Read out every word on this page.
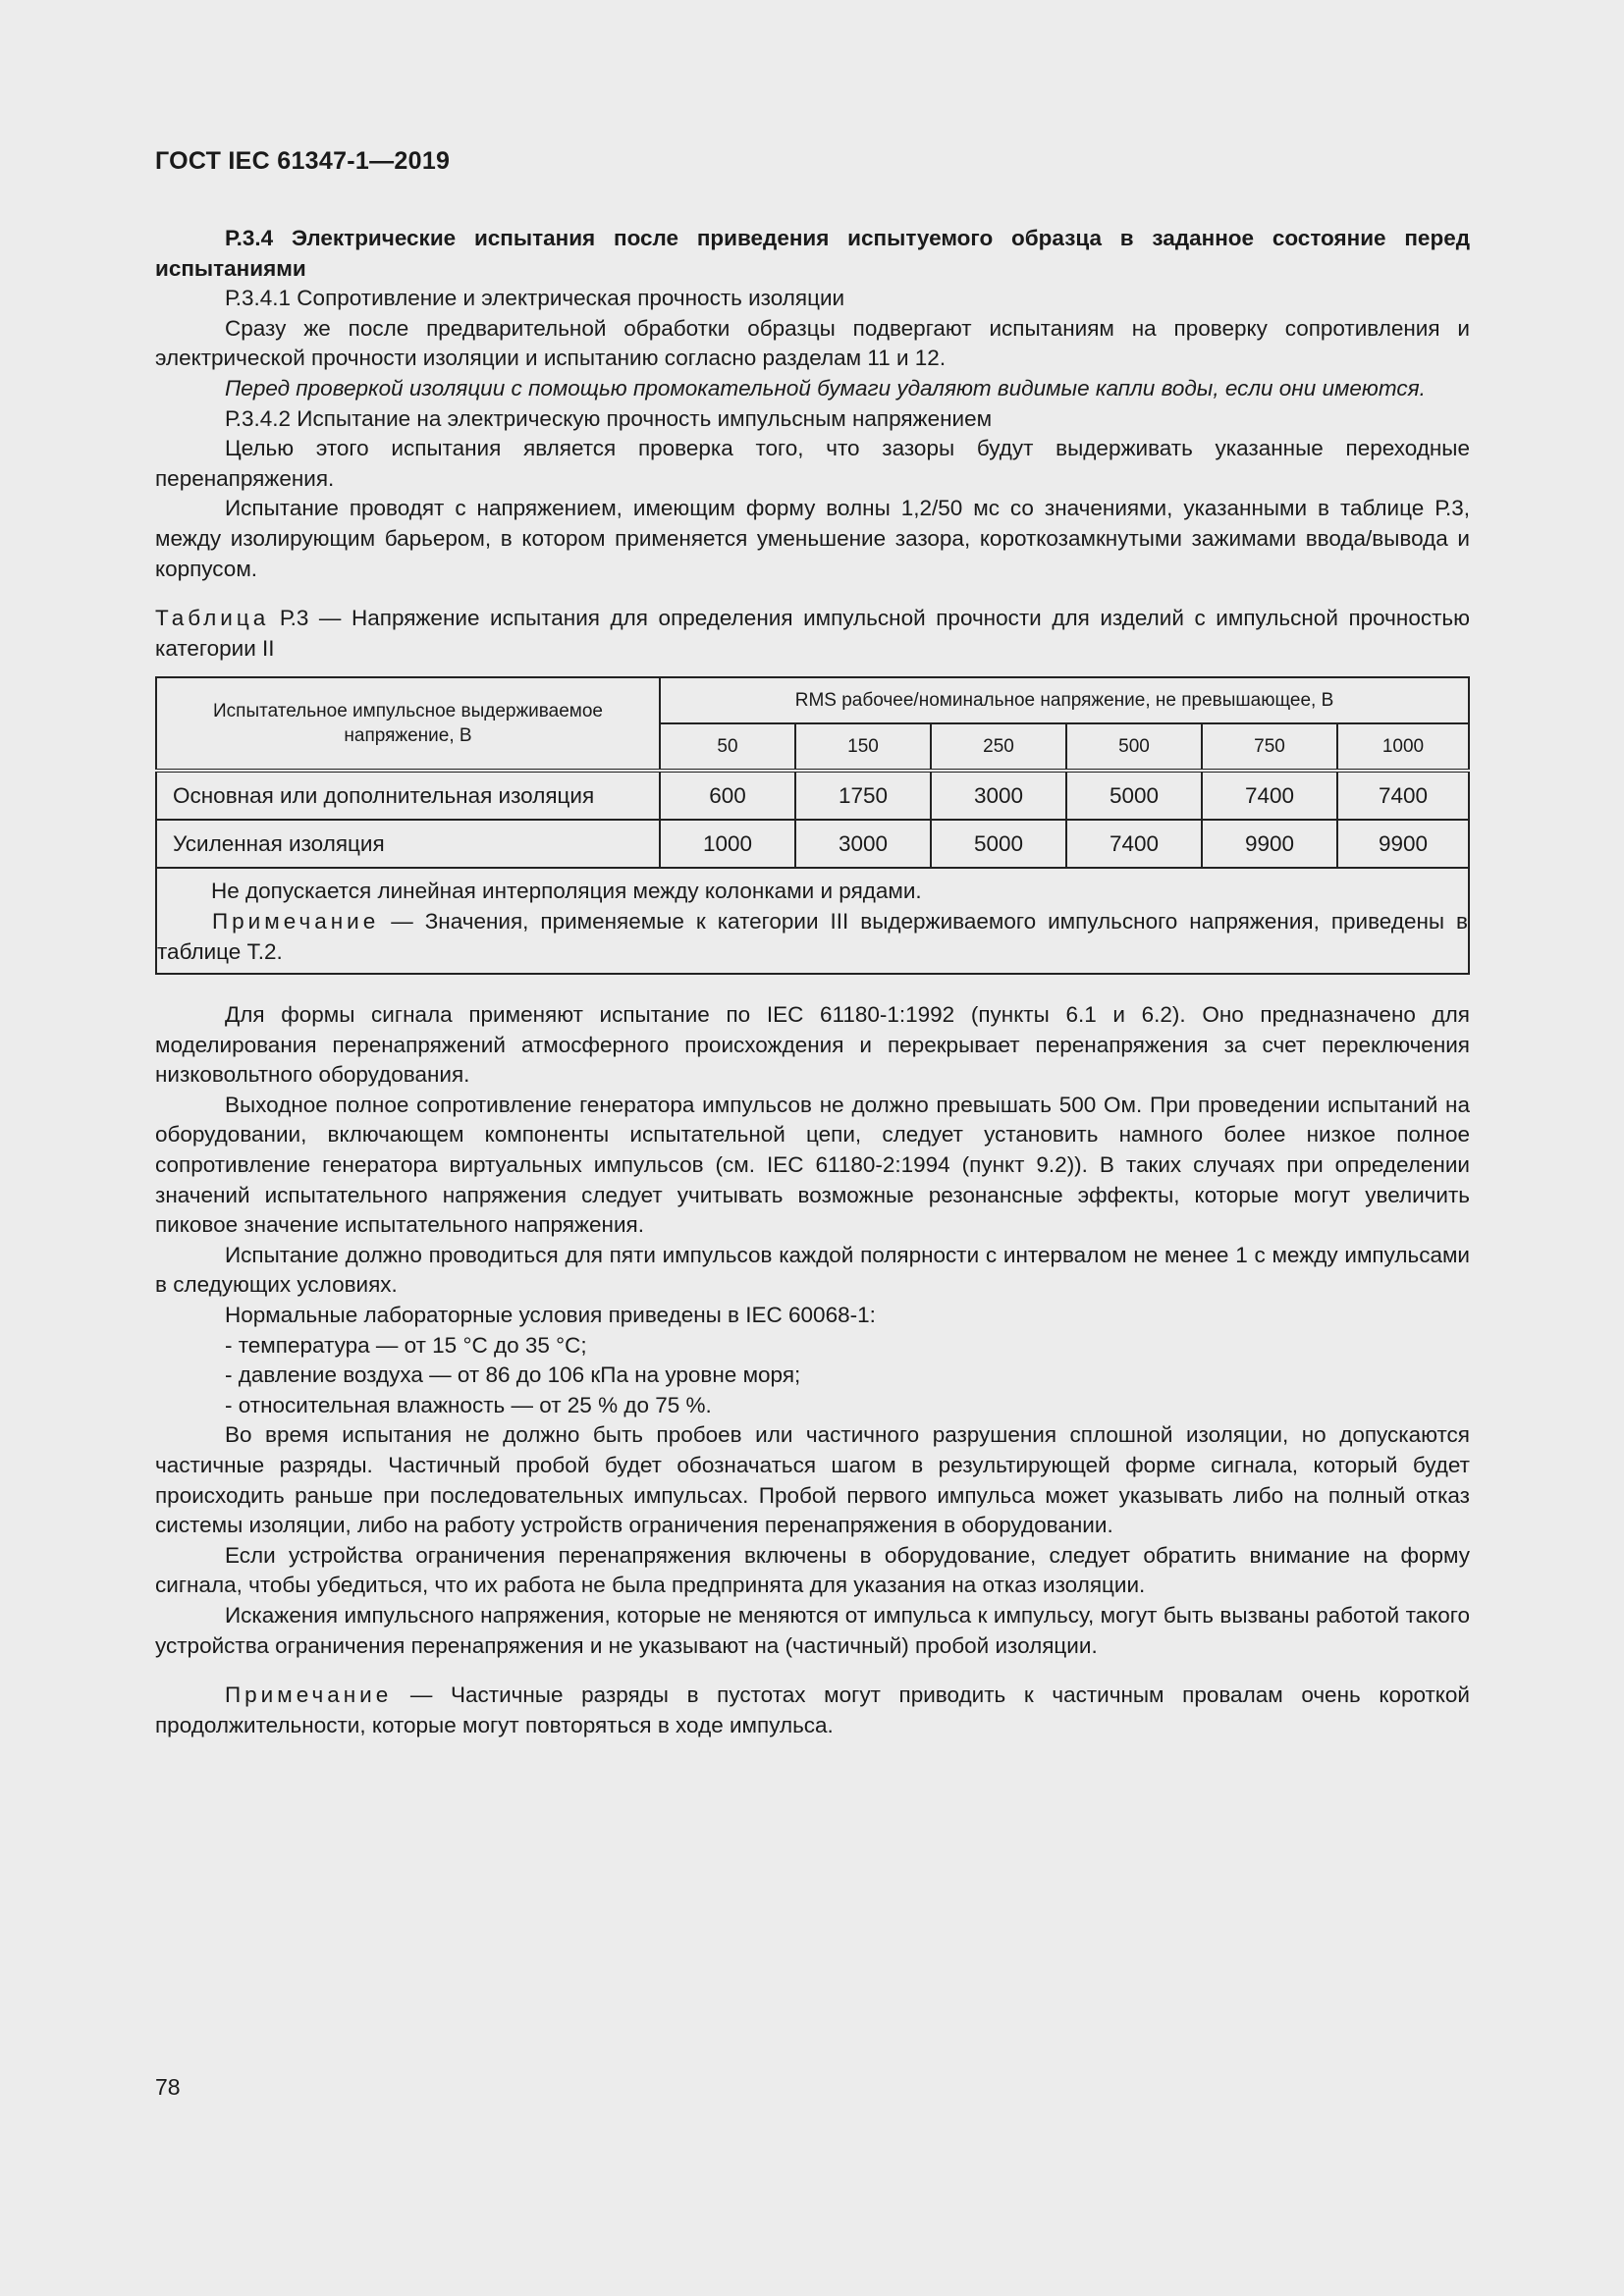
ГОСТ IEC 61347-1—2019

Р.3.4 Электрические испытания после приведения испытуемого образца в заданное состояние перед испытаниями

Р.3.4.1 Сопротивление и электрическая прочность изоляции

Сразу же после предварительной обработки образцы подвергают испытаниям на проверку сопротивления и электрической прочности изоляции и испытанию согласно разделам 11 и 12.

Перед проверкой изоляции с помощью промокательной бумаги удаляют видимые капли воды, если они имеются.

Р.3.4.2 Испытание на электрическую прочность импульсным напряжением

Целью этого испытания является проверка того, что зазоры будут выдерживать указанные переходные перенапряжения.

Испытание проводят с напряжением, имеющим форму волны 1,2/50 мс со значениями, указанными в таблице Р.3, между изолирующим барьером, в котором применяется уменьшение зазора, короткозамкнутыми зажимами ввода/вывода и корпусом.

Таблица Р.3 — Напряжение испытания для определения импульсной прочности для изделий с импульсной прочностью категории II

Испытательное импульсное выдерживаемое напряжение, В	RMS рабочее/номинальное напряжение, не превышающее, В					
	50	150	250	500	750	1000
Основная или дополнительная изоляция	600	1750	3000	5000	7400	7400
Усиленная изоляция	1000	3000	5000	7400	9900	9900

Не допускается линейная интерполяция между колонками и рядами.

Примечание — Значения, применяемые к категории III выдерживаемого импульсного напряжения, приведены в таблице Т.2.						

Для формы сигнала применяют испытание по IEC 61180-1:1992 (пункты 6.1 и 6.2). Оно предназначено для моделирования перенапряжений атмосферного происхождения и перекрывает перенапряжения за счет переключения низковольтного оборудования.

Выходное полное сопротивление генератора импульсов не должно превышать 500 Ом. При проведении испытаний на оборудовании, включающем компоненты испытательной цепи, следует установить намного более низкое полное сопротивление генератора виртуальных импульсов (см. IEC 61180-2:1994 (пункт 9.2)). В таких случаях при определении значений испытательного напряжения следует учитывать возможные резонансные эффекты, которые могут увеличить пиковое значение испытательного напряжения.

Испытание должно проводиться для пяти импульсов каждой полярности с интервалом не менее 1 с между импульсами в следующих условиях.

Нормальные лабораторные условия приведены в IEC 60068-1:

- температура — от 15 °С до 35 °С;

- давление воздуха — от 86 до 106 кПа на уровне моря;

- относительная влажность — от 25 % до 75 %.

Во время испытания не должно быть пробоев или частичного разрушения сплошной изоляции, но допускаются частичные разряды. Частичный пробой будет обозначаться шагом в результирующей форме сигнала, который будет происходить раньше при последовательных импульсах. Пробой первого импульса может указывать либо на полный отказ системы изоляции, либо на работу устройств ограничения перенапряжения в оборудовании.

Если устройства ограничения перенапряжения включены в оборудование, следует обратить внимание на форму сигнала, чтобы убедиться, что их работа не была предпринята для указания на отказ изоляции.

Искажения импульсного напряжения, которые не меняются от импульса к импульсу, могут быть вызваны работой такого устройства ограничения перенапряжения и не указывают на (частичный) пробой изоляции.

Примечание — Частичные разряды в пустотах могут приводить к частичным провалам очень короткой продолжительности, которые могут повторяться в ходе импульса.

78
